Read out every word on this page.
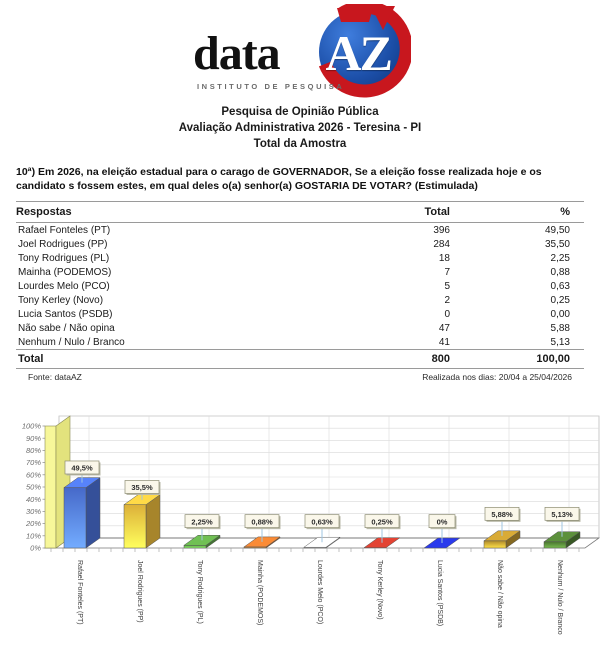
data AZ
INSTITUTO DE PESQUISA
Pesquisa de Opinião Pública
Avaliação Administrativa 2026 - Teresina - PI
Total da Amostra
10ª) Em 2026, na eleição estadual para o carago de GOVERNADOR, Se a eleição fosse realizada hoje e os candidato s fossem estes, em qual deles o(a) senhor(a) GOSTARIA DE VOTAR? (Estimulada)
Respostas	Total	%
Rafael Fonteles (PT)	396	49,50
Joel Rodrigues (PP)	284	35,50
Tony Rodrigues (PL)	18	2,25
Mainha (PODEMOS)	7	0,88
Lourdes Melo (PCO)	5	0,63
Tony Kerley (Novo)	2	0,25
Lucia Santos (PSDB)	0	0,00
Não sabe / Não opina	47	5,88
Nenhum / Nulo / Branco	41	5,13
Total	800	100,00
Fonte: dataAZ	Realizada nos dias: 20/04 a 25/04/2026
100%
90%
80%
70%
60%
50%
40%
30%
20%
10%
0%
49,5%
35,5%
2,25%	0,88%	0,63%	0,25%	0%
5,88%	5,13%
Rafael Fonteles (PT)	Joel Rodrigues (PP)	Tony Rodrigues (PL)	Mainha (PODEMOS)	Lourdes Melo (PCO)	Tony Kerley (Novo)	Lucia Santos (PSDB)	Não sabe / Não opina	Nenhum / Nulo / Branco
